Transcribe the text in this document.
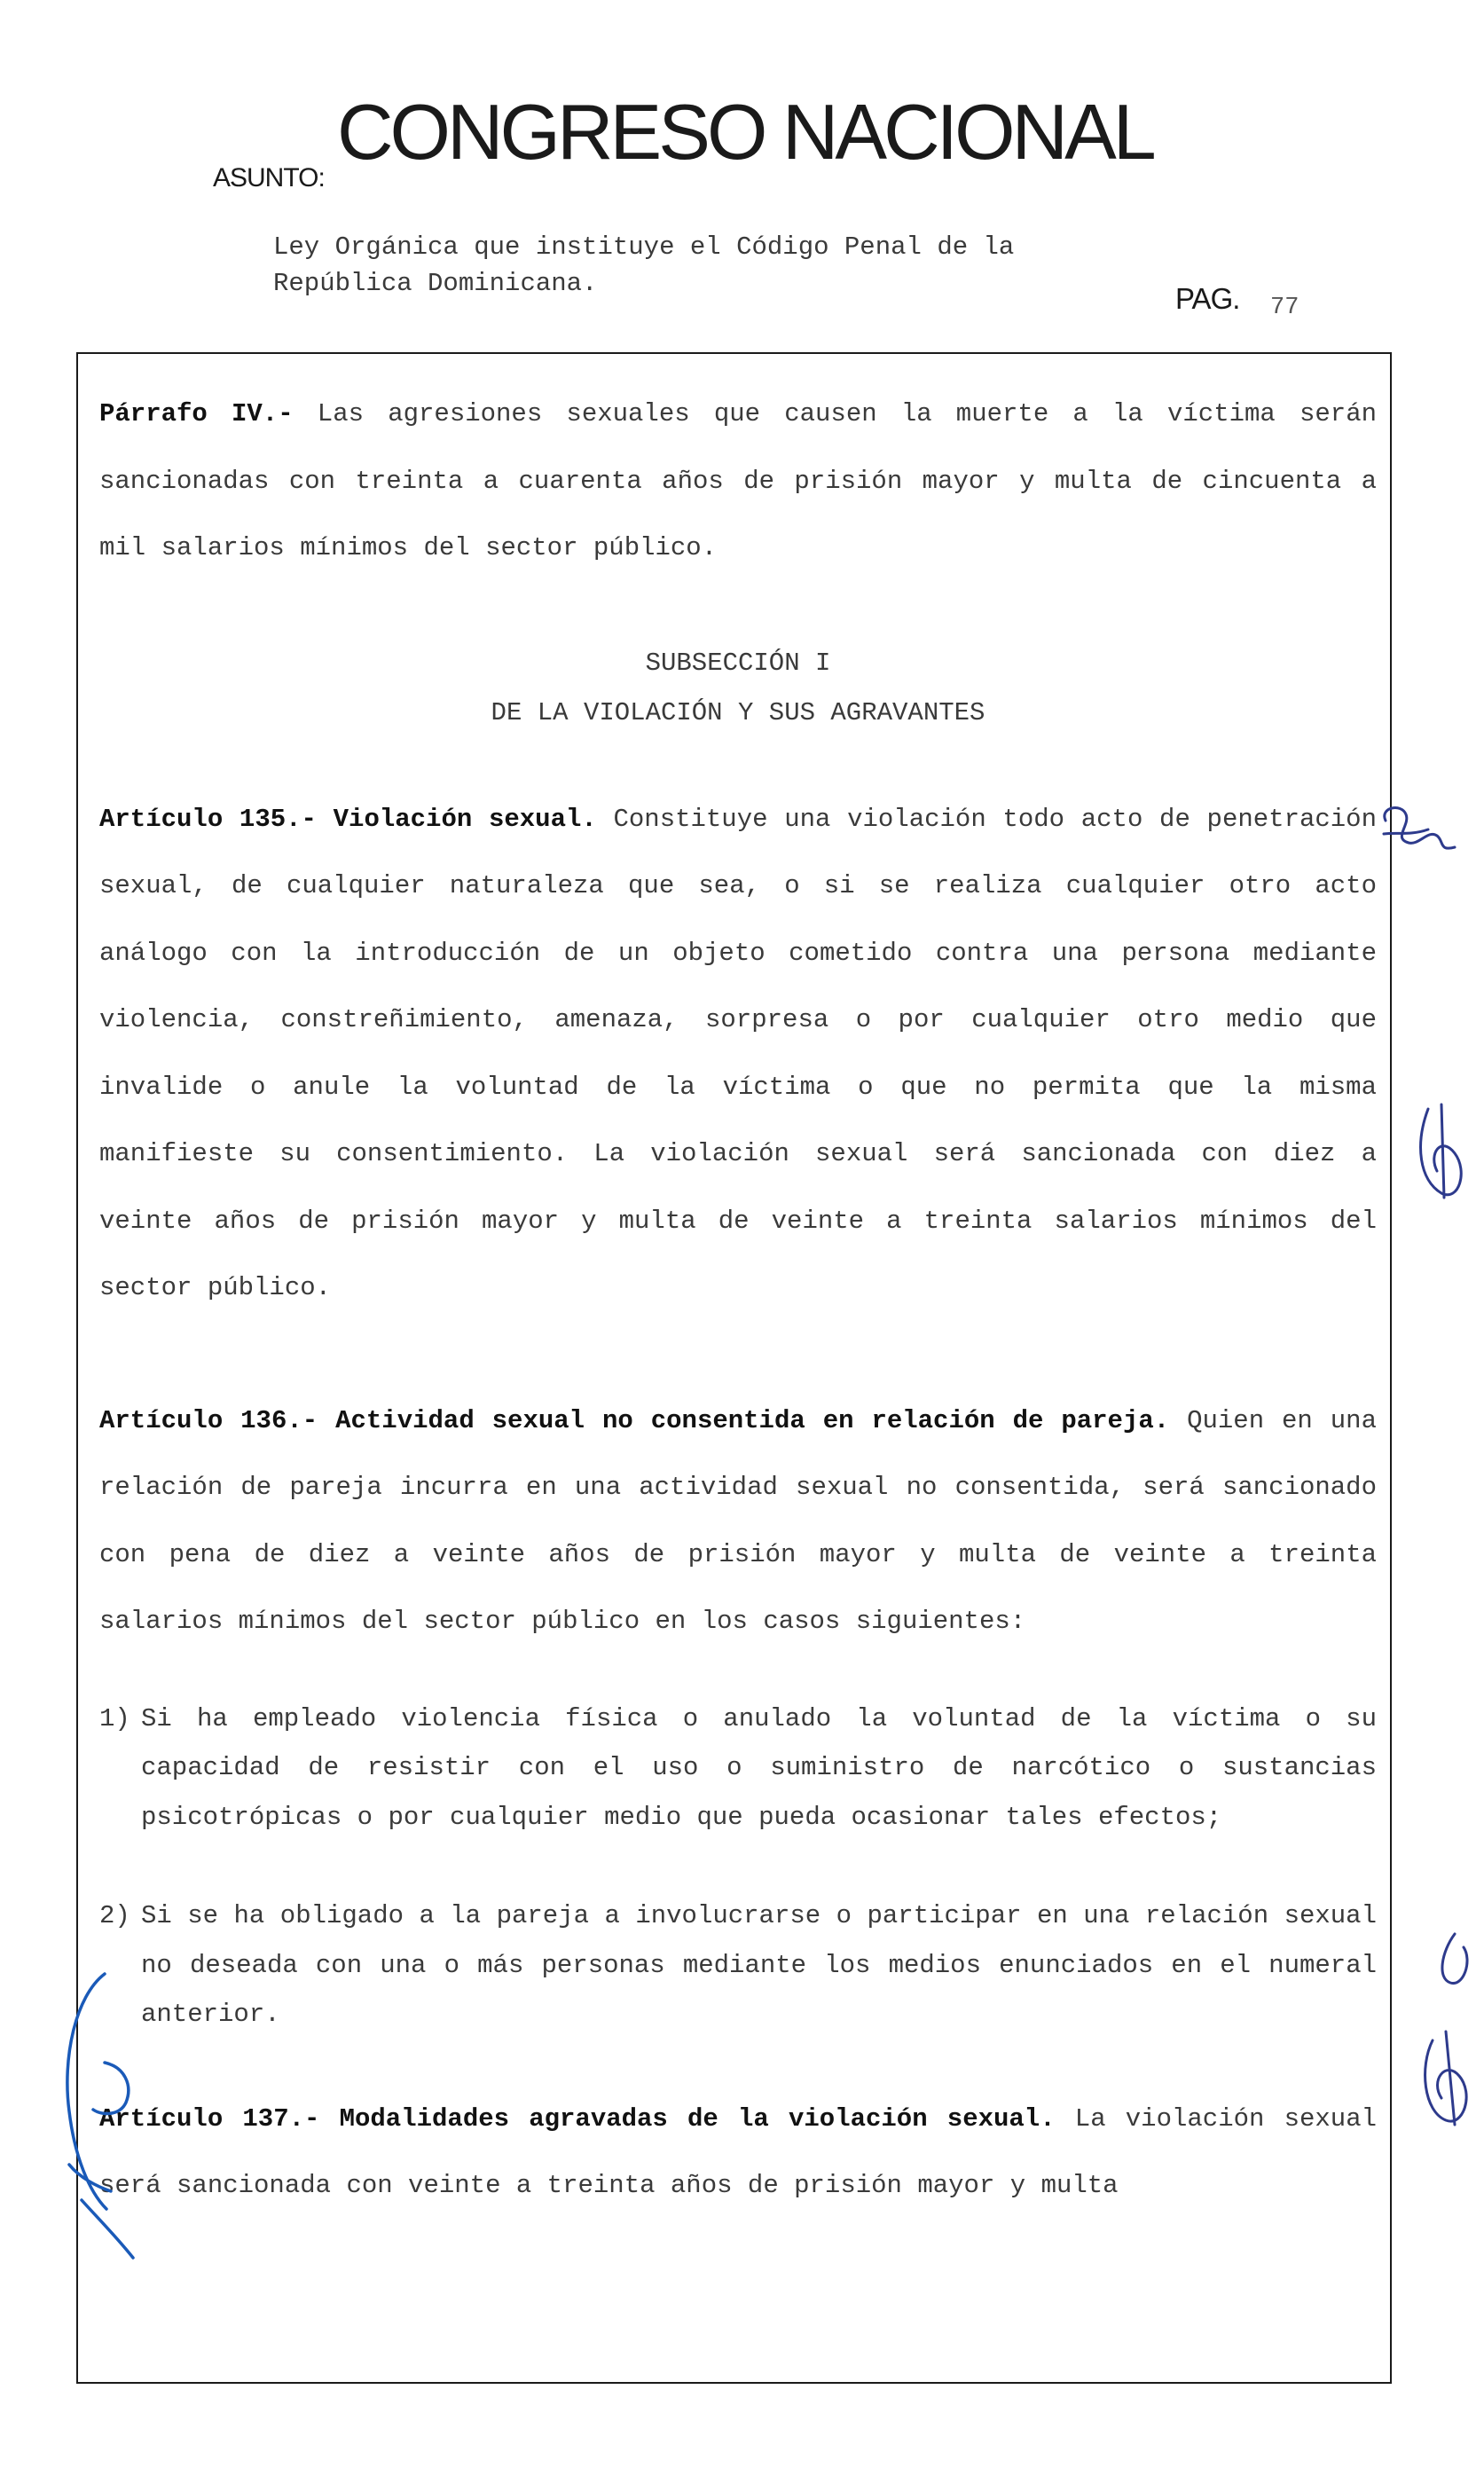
CONGRESO NACIONAL
ASUNTO:
Ley Orgánica que instituye el Código Penal de la
República Dominicana.	PAG. 77

Párrafo IV.- Las agresiones sexuales que causen la muerte a la víctima serán sancionadas con treinta a cuarenta años de prisión mayor y multa de cincuenta a mil salarios mínimos del sector público.

SUBSECCIÓN I

DE LA VIOLACIÓN Y SUS AGRAVANTES

Artículo 135.- Violación sexual. Constituye una violación todo acto de penetración sexual, de cualquier naturaleza que sea, o si se realiza cualquier otro acto análogo con la introducción de un objeto cometido contra una persona mediante violencia, constreñimiento, amenaza, sorpresa o por cualquier otro medio que invalide o anule la voluntad de la víctima o que no permita que la misma manifieste su consentimiento. La violación sexual será sancionada con diez a veinte años de prisión mayor y multa de veinte a treinta salarios mínimos del sector público.

Artículo 136.- Actividad sexual no consentida en relación de pareja. Quien en una relación de pareja incurra en una actividad sexual no consentida, será sancionado con pena de diez a veinte años de prisión mayor y multa de veinte a treinta salarios mínimos del sector público en los casos siguientes:

1) Si ha empleado violencia física o anulado la voluntad de la víctima o su capacidad de resistir con el uso o suministro de narcótico o sustancias psicotrópicas o por cualquier medio que pueda ocasionar tales efectos;
2) Si se ha obligado a la pareja a involucrarse o participar en una relación sexual no deseada con una o más personas mediante los medios enunciados en el numeral anterior.

Artículo 137.- Modalidades agravadas de la violación sexual. La violación sexual será sancionada con veinte a treinta años de prisión mayor y multa
